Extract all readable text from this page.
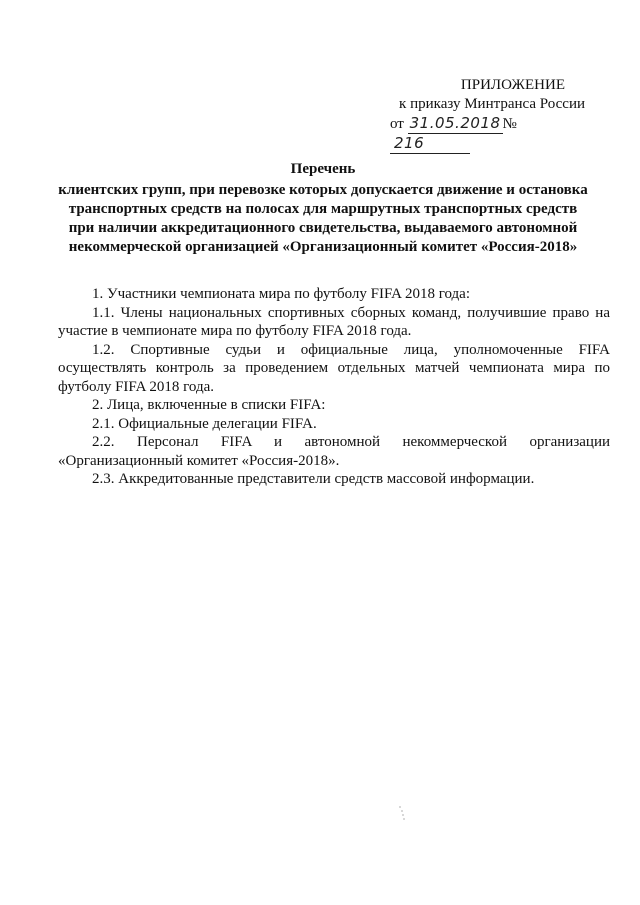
ПРИЛОЖЕНИЕ
к приказу Минтранса России
от 31.05.2018 № 216
Перечень
клиентских групп, при перевозке которых допускается движение и остановка транспортных средств на полосах для маршрутных транспортных средств при наличии аккредитационного свидетельства, выдаваемого автономной некоммерческой организацией «Организационный комитет «Россия-2018»

1. Участники чемпионата мира по футболу FIFA 2018 года:

1.1. Члены национальных спортивных сборных команд, получившие право на участие в чемпионате мира по футболу FIFA 2018 года.

1.2. Спортивные судьи и официальные лица, уполномоченные FIFA осуществлять контроль за проведением отдельных матчей чемпионата мира по футболу FIFA 2018 года.

2. Лица, включенные в списки FIFA:

2.1. Официальные делегации FIFA.

2.2. Персонал FIFA и автономной некоммерческой организации «Организационный комитет «Россия-2018».

2.3. Аккредитованные представители средств массовой информации.
